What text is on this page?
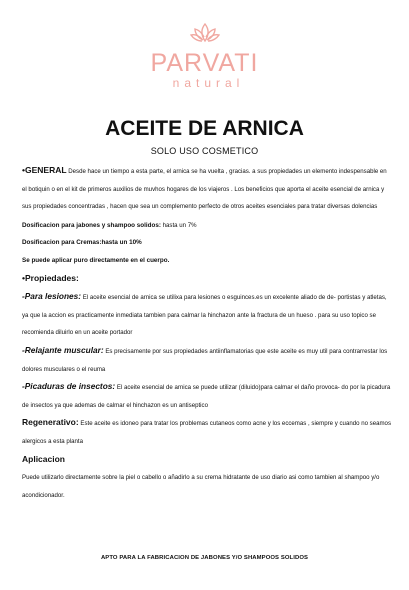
PARVATI
natural
ACEITE DE ARNICA
SOLO USO COSMETICO

•GENERAL Desde hace un tiempo a esta parte, el arnica se ha vuelta , gracias. a sus propiedades un elemento indespensable en el botiquin o en el kit de primeros auxilios de muvhos hogares de los viajeros . Los beneficios que aporta el aceite esencial de arnica y sus propiedades concentradas , hacen que sea un complemento perfecto de otros aceites esenciales para tratar diversas dolencias

Dosificacion para jabones y shampoo solidos: hasta un 7%

Dosificacion para Cremas:hasta un 10%

Se puede aplicar puro directamente en el cuerpo.

•Propiedades:

-Para lesiones: El aceite esencial de arnica se utilixa para lesiones o esguinces.es un excelente aliado de de- portistas y atletas, ya que la accion es practicamente inmediata tambien para calmar la hinchazon ante la fractura de un hueso . para su uso topico se recomienda diluirlo en un aceite portador

-Relajante muscular: Es precisamente por sus propiedades antiinflamatorias que este aceite es muy util para contrarrestar los dolores musculares o el reuma

-Picaduras de insectos: El aceite esencial de arnica se puede utilizar (diluido)para calmar el daño provoca- do por la picadura de insectos ya que ademas de calmar el hinchazon es un antiseptico

Regenerativo: Este aceite es idoneo para tratar los problemas cutaneos como acne y los eccemas , siempre y cuando no seamos alergicos a esta planta

Aplicacion

Puede utilizarlo directamente sobre la piel o cabello o añadirlo a su crema hidratante de uso diario asi como tambien al shampoo y/o acondicionador.

APTO PARA LA FABRICACION DE JABONES Y/O SHAMPOOS SOLIDOS
